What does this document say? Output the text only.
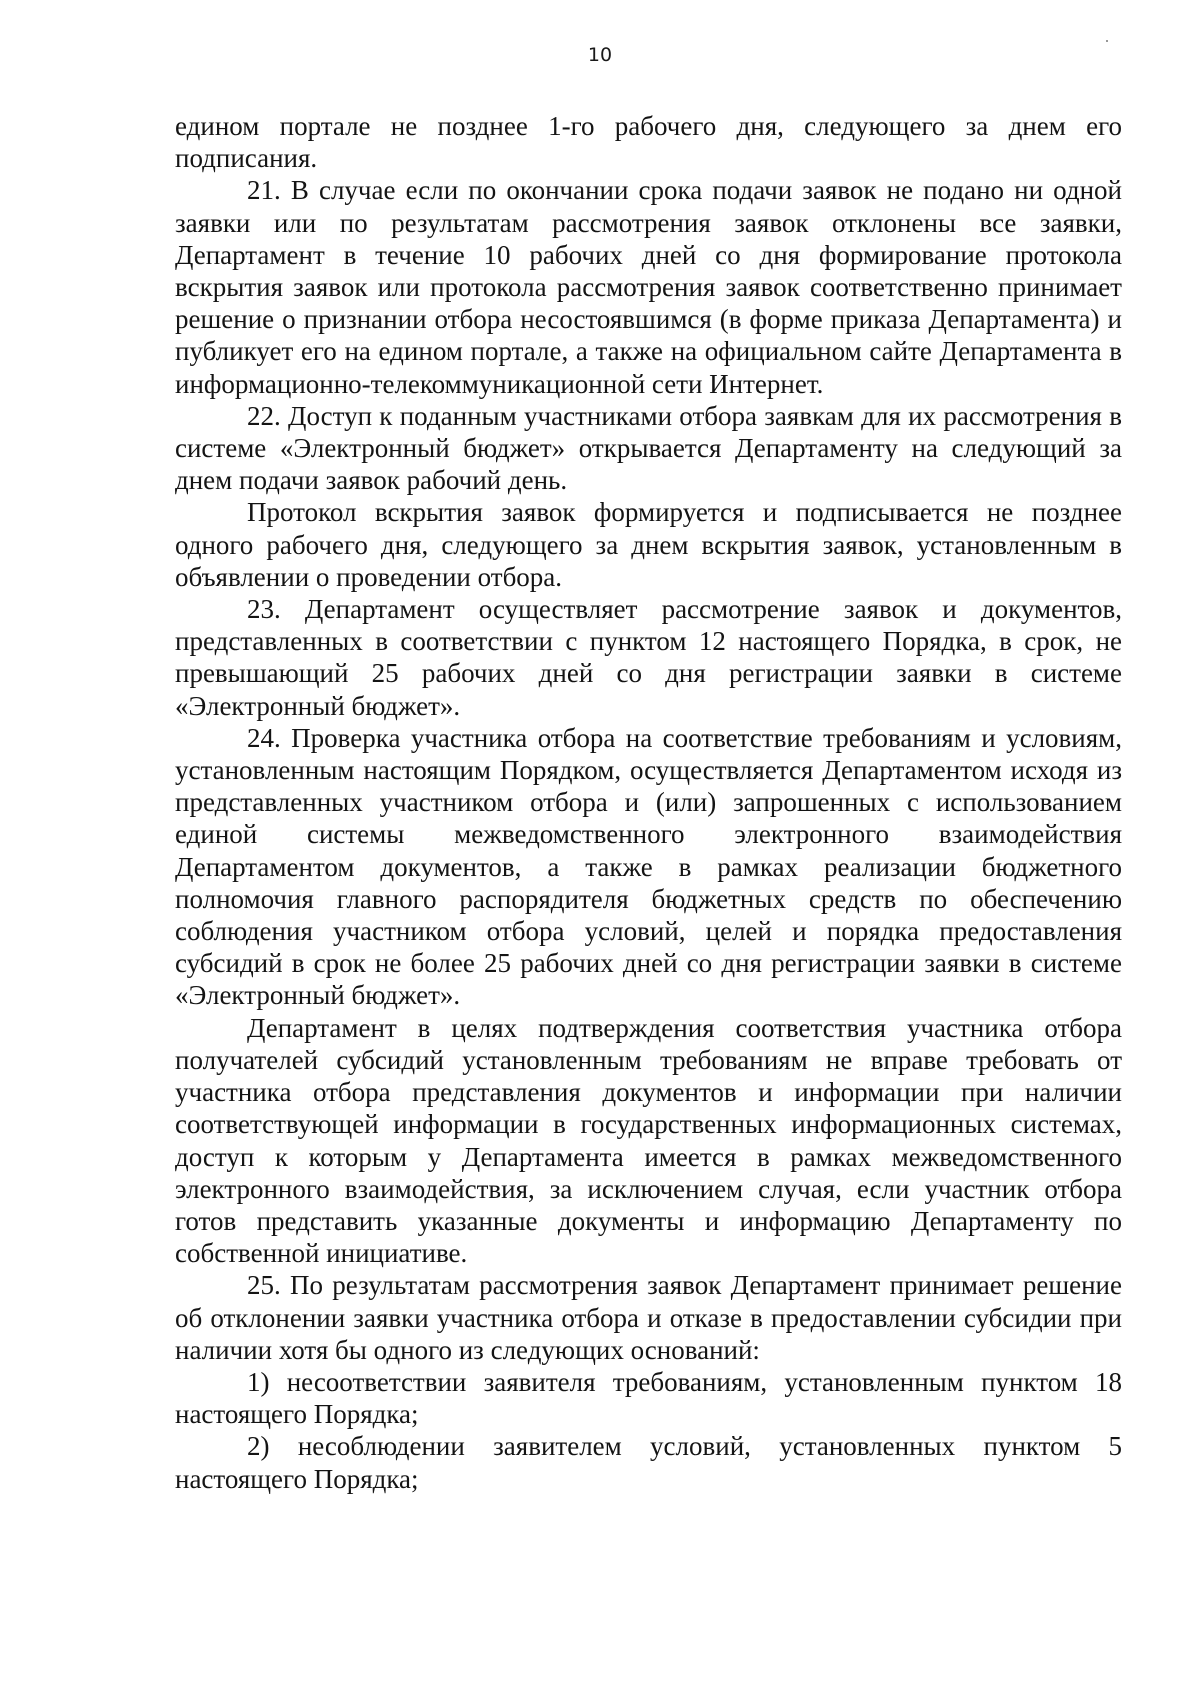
10

едином портале не позднее 1-го рабочего дня, следующего за днем его подписания.

21. В случае если по окончании срока подачи заявок не подано ни одной заявки или по результатам рассмотрения заявок отклонены все заявки, Департамент в течение 10 рабочих дней со дня формирование протокола вскрытия заявок или протокола рассмотрения заявок соответственно принимает решение о признании отбора несостоявшимся (в форме приказа Департамента) и публикует его на едином портале, а также на официальном сайте Департамента в информационно-телекоммуникационной сети Интернет.

22. Доступ к поданным участниками отбора заявкам для их рассмотрения в системе «Электронный бюджет» открывается Департаменту на следующий за днем подачи заявок рабочий день.

Протокол вскрытия заявок формируется и подписывается не позднее одного рабочего дня, следующего за днем вскрытия заявок, установленным в объявлении о проведении отбора.

23. Департамент осуществляет рассмотрение заявок и документов, представленных в соответствии с пунктом 12 настоящего Порядка, в срок, не превышающий 25 рабочих дней со дня регистрации заявки в системе «Электронный бюджет».

24. Проверка участника отбора на соответствие требованиям и условиям, установленным настоящим Порядком, осуществляется Департаментом исходя из представленных участником отбора и (или) запрошенных с использованием единой системы межведомственного электронного взаимодействия Департаментом документов, а также в рамках реализации бюджетного полномочия главного распорядителя бюджетных средств по обеспечению соблюдения участником отбора условий, целей и порядка предоставления субсидий в срок не более 25 рабочих дней со дня регистрации заявки в системе «Электронный бюджет».

Департамент в целях подтверждения соответствия участника отбора получателей субсидий установленным требованиям не вправе требовать от участника отбора представления документов и информации при наличии соответствующей информации в государственных информационных системах, доступ к которым у Департамента имеется в рамках межведомственного электронного взаимодействия, за исключением случая, если участник отбора готов представить указанные документы и информацию Департаменту по собственной инициативе.

25. По результатам рассмотрения заявок Департамент принимает решение об отклонении заявки участника отбора и отказе в предоставлении субсидии при наличии хотя бы одного из следующих оснований:

1) несоответствии заявителя требованиям, установленным пунктом 18 настоящего Порядка;

2) несоблюдении заявителем условий, установленных пунктом 5 настоящего Порядка;
